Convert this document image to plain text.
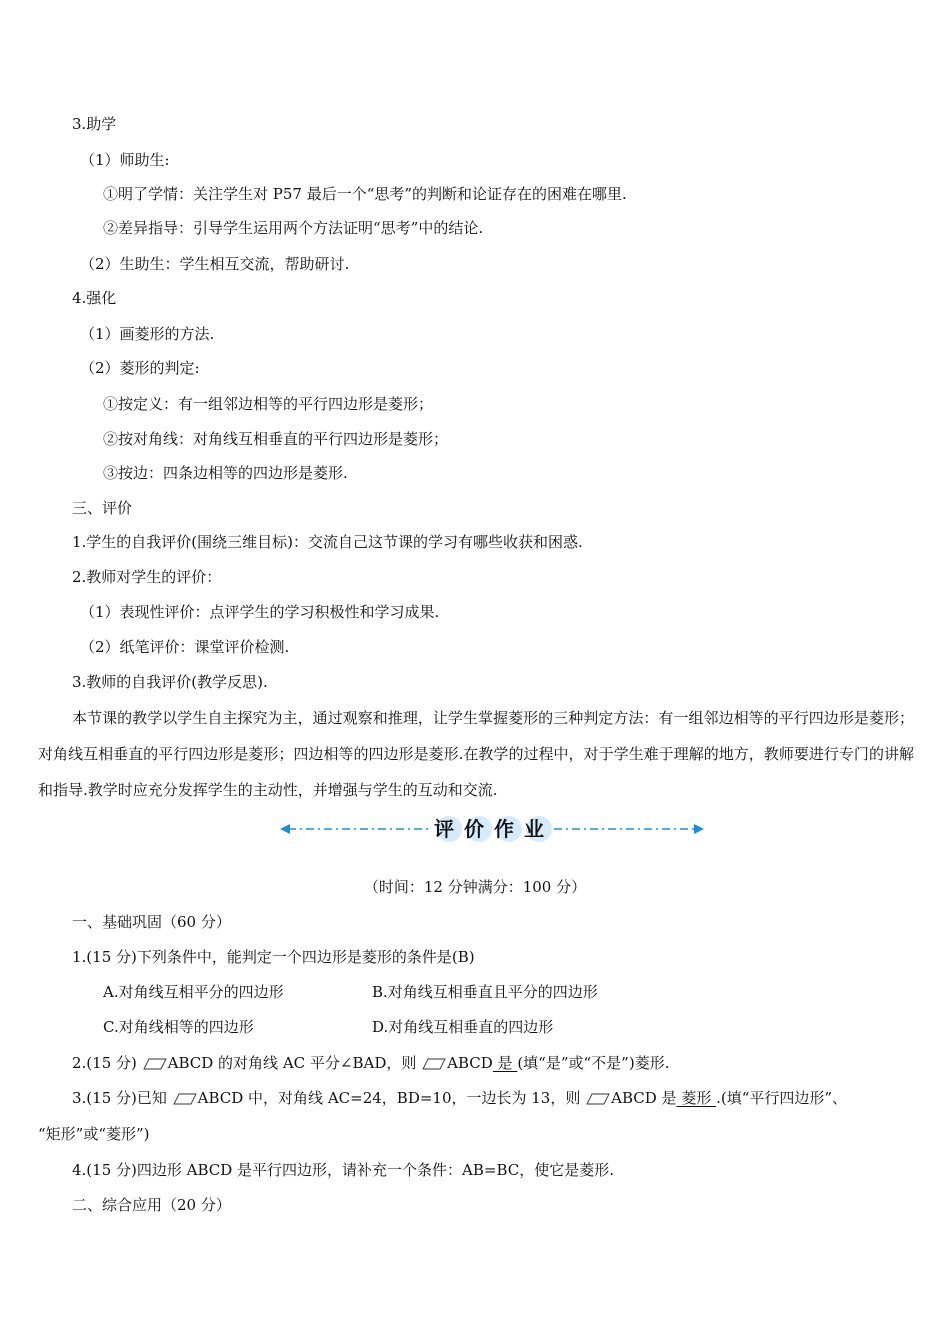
3.助学
（1）师助生:
①明了学情：关注学生对 P57 最后一个“思考”的判断和论证存在的困难在哪里.
②差异指导：引导学生运用两个方法证明“思考”中的结论.
（2）生助生：学生相互交流，帮助研讨.
4.强化
（1）画菱形的方法.
（2）菱形的判定:
①按定义：有一组邻边相等的平行四边形是菱形；
②按对角线：对角线互相垂直的平行四边形是菱形；
③按边：四条边相等的四边形是菱形.
三、评价
1.学生的自我评价(围绕三维目标)：交流自己这节课的学习有哪些收获和困惑.
2.教师对学生的评价：
（1）表现性评价：点评学生的学习积极性和学习成果.
（2）纸笔评价：课堂评价检测.
3.教师的自我评价(教学反思).
本节课的教学以学生自主探究为主，通过观察和推理，让学生掌握菱形的三种判定方法：有一组邻边相等的平行四边形是菱形；对角线互相垂直的平行四边形是菱形；四边相等的四边形是菱形.在教学的过程中，对于学生难于理解的地方，教师要进行专门的讲解和指导.教学时应充分发挥学生的主动性，并增强与学生的互动和交流.
评价作业
（时间：12 分钟满分：100 分）
一、基础巩固（60 分）
1.(15 分)下列条件中，能判定一个四边形是菱形的条件是(B)
A.对角线互相平分的四边形	B.对角线互相垂直且平分的四边形
C.对角线相等的四边形	D.对角线互相垂直的四边形
2.(15 分) ABCD 的对角线 AC 平分∠BAD，则 ABCD 是 (填“是”或“不是”)菱形.
3.(15 分)已知 ABCD 中，对角线 AC=24，BD=10，一边长为 13，则 ABCD 是 菱形 .(填“平行四边形”、
“矩形”或“菱形”)
4.(15 分)四边形 ABCD 是平行四边形，请补充一个条件：AB=BC，使它是菱形.
二、综合应用（20 分）
